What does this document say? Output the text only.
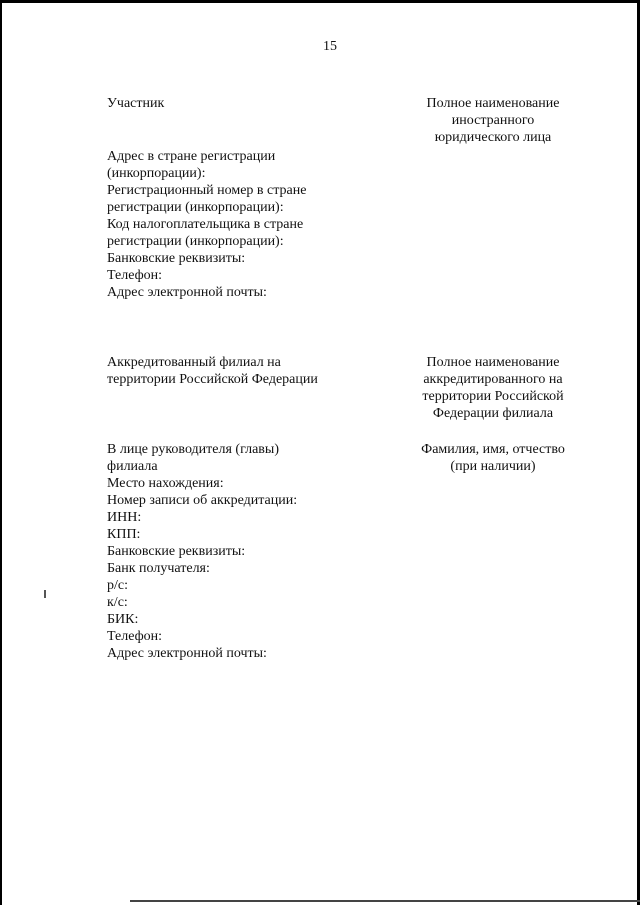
15
Участник	Полное наименование
иностранного
юридического лица
Адрес в стране регистрации
(инкорпорации):
Регистрационный номер в стране
регистрации (инкорпорации):
Код налогоплательщика в стране
регистрации (инкорпорации):
Банковские реквизиты:
Телефон:
Адрес электронной почты:
Аккредитованный филиал на
территории Российской Федерации
Полное наименование
аккредитированного на
территории Российской
Федерации филиала
В лице руководителя (главы)
филиала
Фамилия, имя, отчество
(при наличии)
Место нахождения:
Номер записи об аккредитации:
ИНН:
КПП:
Банковские реквизиты:
Банк получателя:
р/с:
к/с:
БИК:
Телефон:
Адрес электронной почты:
